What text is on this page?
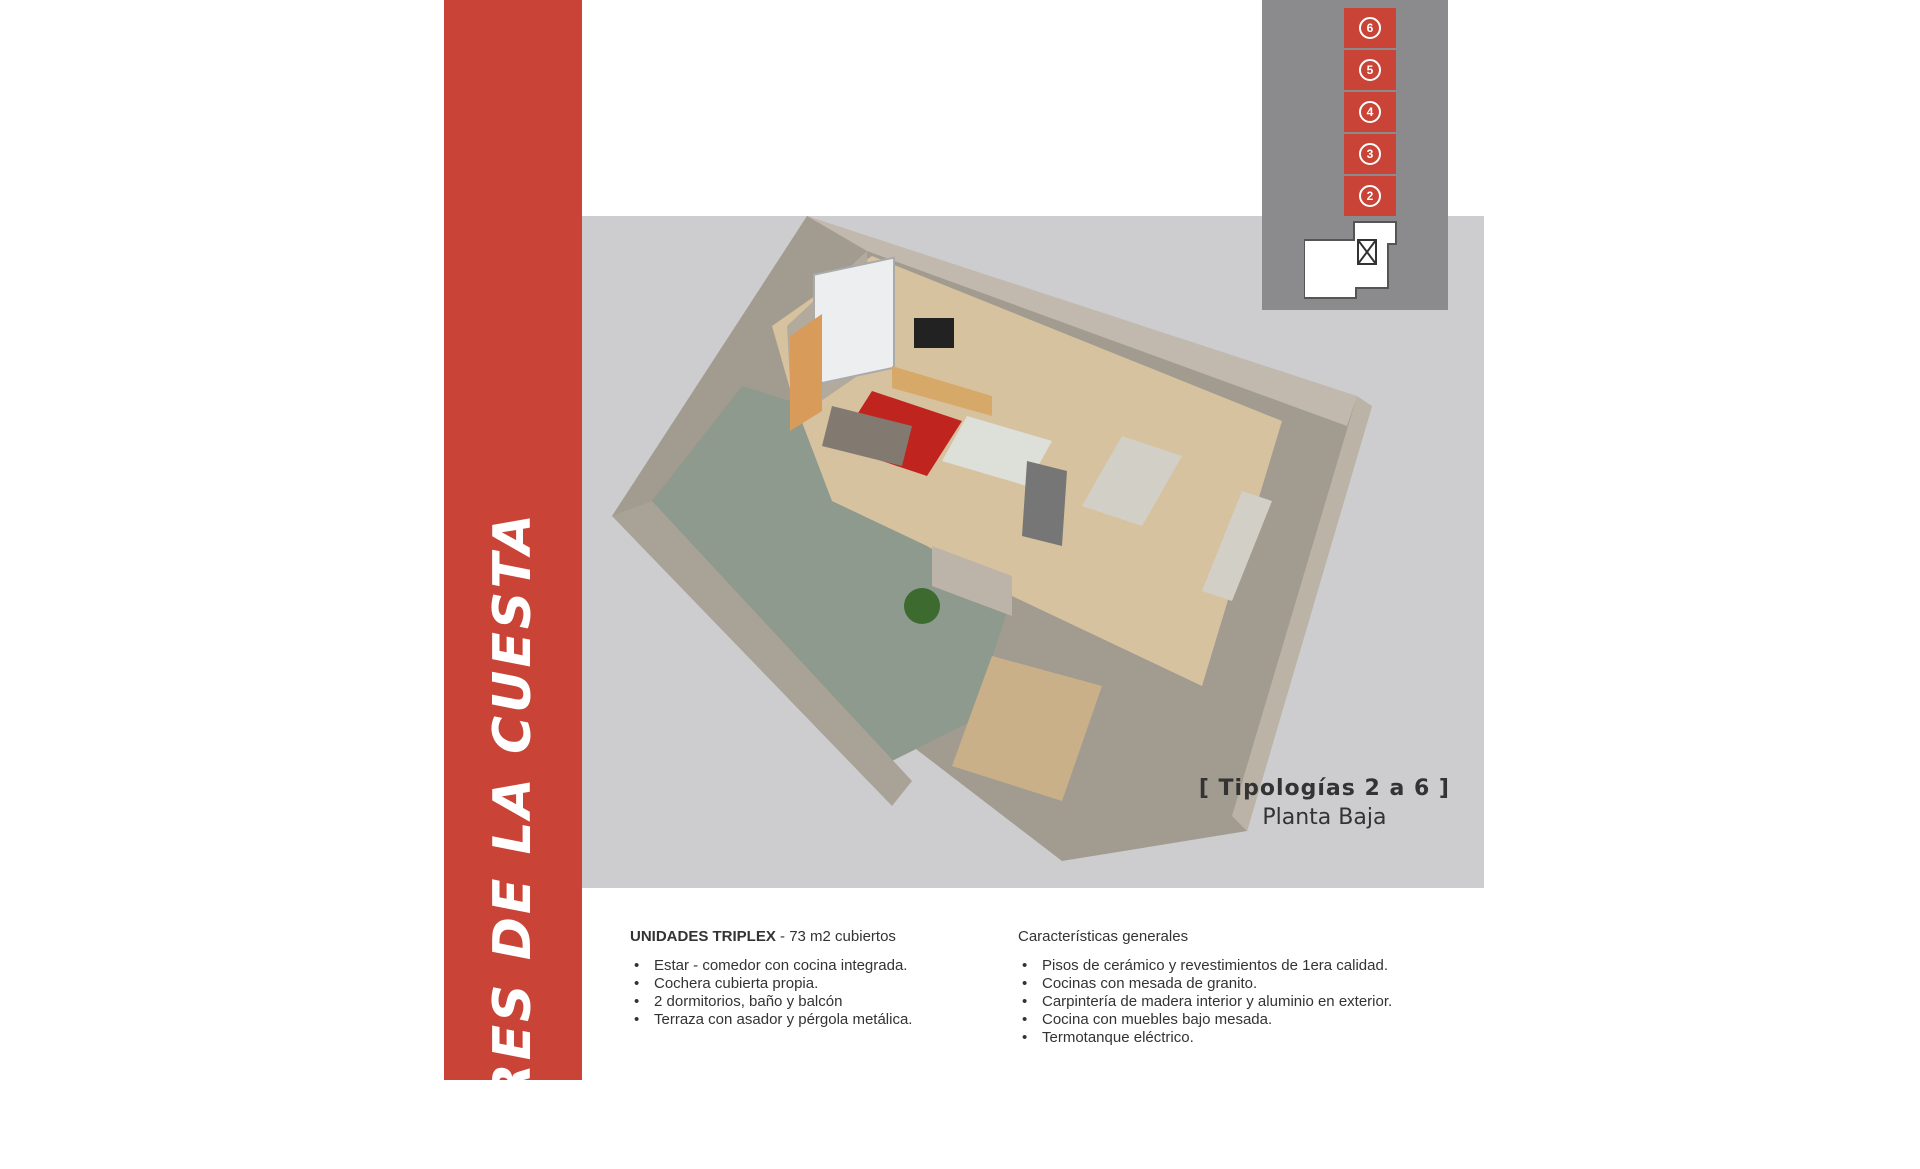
AIRES DE LA CUESTA	[ Tipologías 2 a 6 ]
Planta Baja
6
5
4
3
2
UNIDADES TRIPLEX - 73 m2 cubiertos
• Estar - comedor con cocina integrada.
• Cochera cubierta propia.
• 2 dormitorios, baño y balcón
• Terraza con asador y pérgola metálica.
Características generales
• Pisos de cerámico y revestimientos de 1era calidad.
• Cocinas con mesada de granito.
• Carpintería de madera interior y aluminio en exterior.
• Cocina con muebles bajo mesada.
• Termotanque eléctrico.
